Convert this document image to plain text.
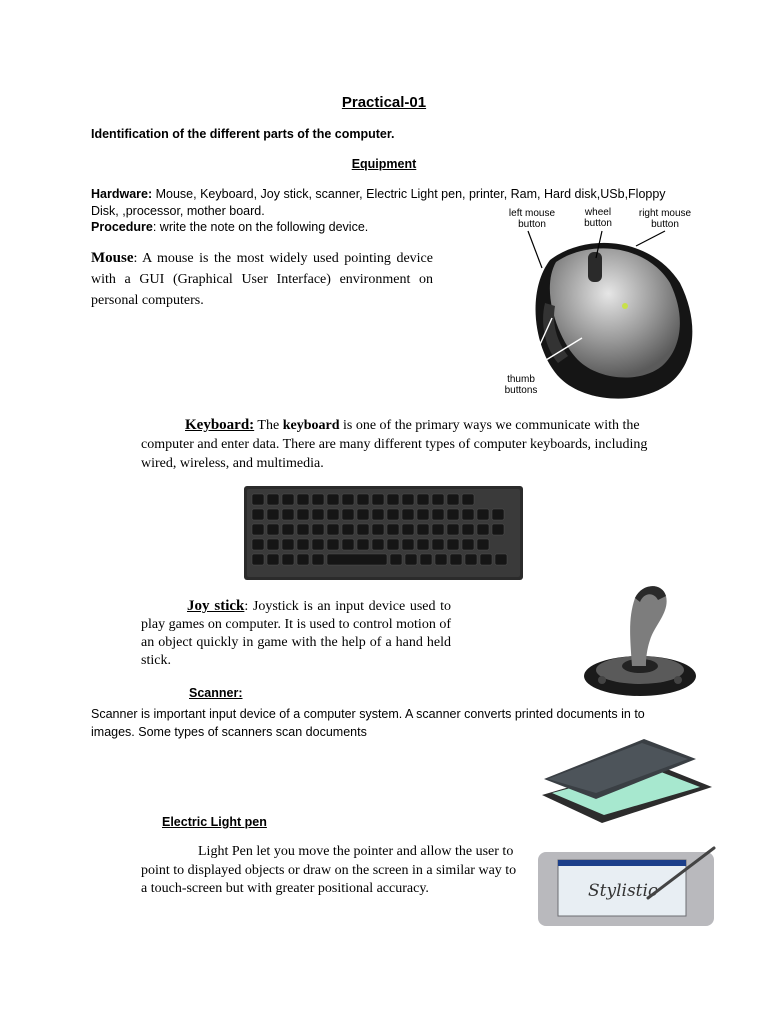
Practical-01
Identification of the different parts of the computer.
Equipment
Hardware: Mouse, Keyboard, Joy stick, scanner, Electric Light pen, printer, Ram, Hard disk,USb,Floppy Disk, ,processor, mother board.
Procedure: write the note on the following device.
Mouse: A mouse is the most widely used pointing device with a GUI (Graphical User Interface) environment on personal computers.
left mouse
button
wheel
button
right mouse
button
thumb
buttons
Keyboard: The keyboard is one of the primary ways we communicate with the computer and enter data. There are many different types of computer keyboards, including wired, wireless, and multimedia.
Joy stick: Joystick is an input device used to play games on computer. It is used to control motion of an object quickly in game with the help of a hand held stick.
Scanner:
Scanner is important input device of a computer system. A scanner converts printed documents in to images. Some types of scanners scan documents
Electric Light pen
Light Pen let you move the pointer and allow the user to point to displayed objects or draw on the screen in a similar way to a touch-screen but with greater positional accuracy.	Stylistic
